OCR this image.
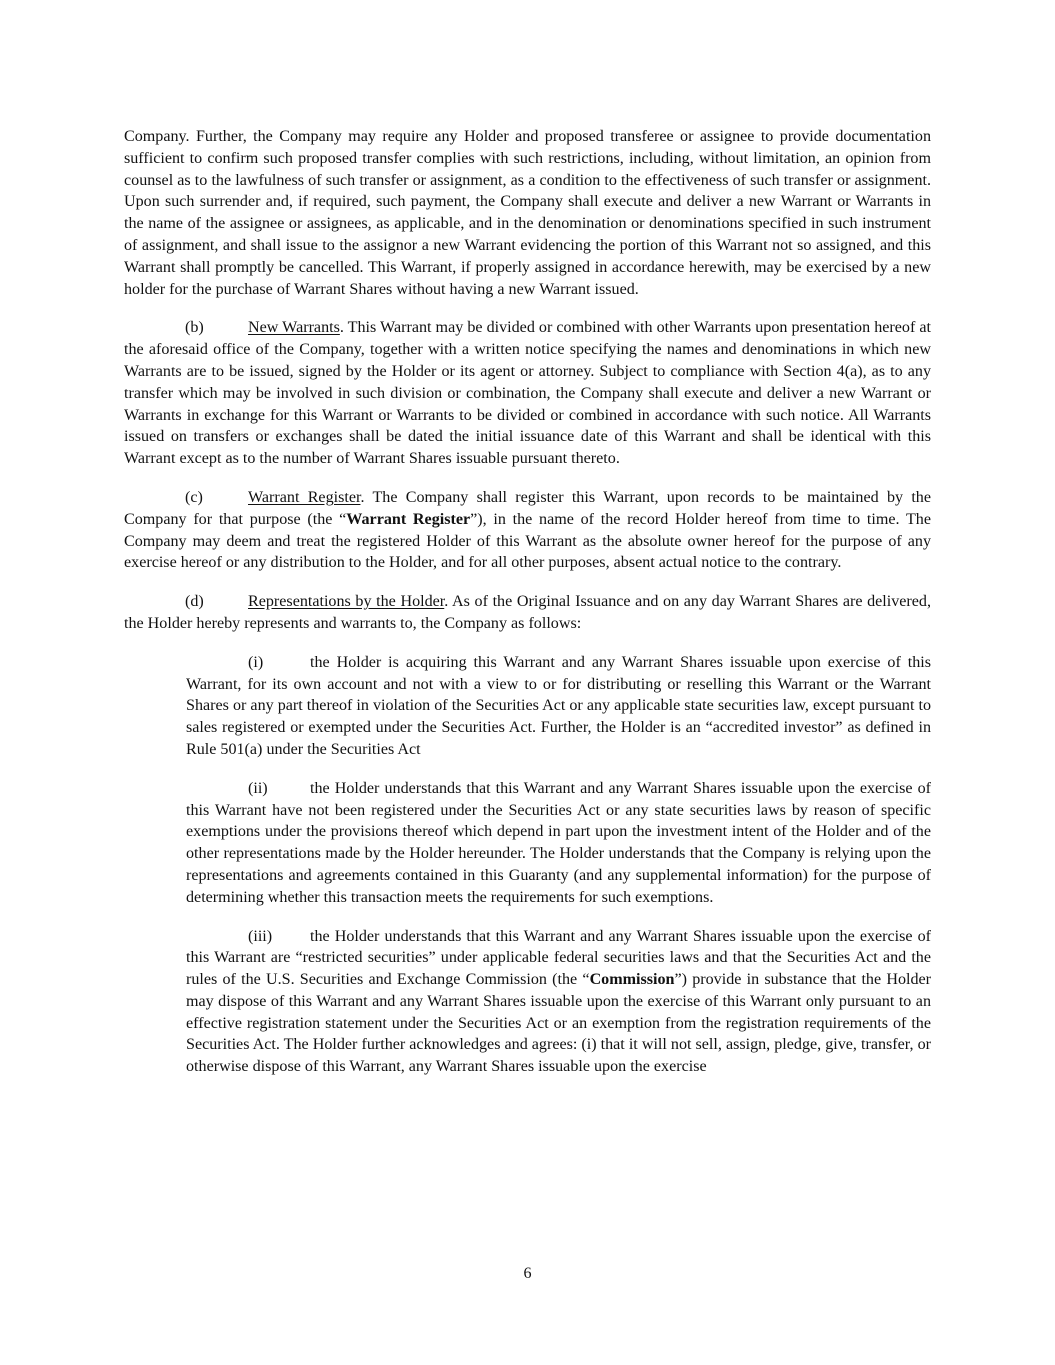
Company. Further, the Company may require any Holder and proposed transferee or assignee to provide documentation sufficient to confirm such proposed transfer complies with such restrictions, including, without limitation, an opinion from counsel as to the lawfulness of such transfer or assignment, as a condition to the effectiveness of such transfer or assignment. Upon such surrender and, if required, such payment, the Company shall execute and deliver a new Warrant or Warrants in the name of the assignee or assignees, as applicable, and in the denomination or denominations specified in such instrument of assignment, and shall issue to the assignor a new Warrant evidencing the portion of this Warrant not so assigned, and this Warrant shall promptly be cancelled. This Warrant, if properly assigned in accordance herewith, may be exercised by a new holder for the purchase of Warrant Shares without having a new Warrant issued.

(b)	New Warrants. This Warrant may be divided or combined with other Warrants upon presentation hereof at the aforesaid office of the Company, together with a written notice specifying the names and denominations in which new Warrants are to be issued, signed by the Holder or its agent or attorney. Subject to compliance with Section 4(a), as to any transfer which may be involved in such division or combination, the Company shall execute and deliver a new Warrant or Warrants in exchange for this Warrant or Warrants to be divided or combined in accordance with such notice. All Warrants issued on transfers or exchanges shall be dated the initial issuance date of this Warrant and shall be identical with this Warrant except as to the number of Warrant Shares issuable pursuant thereto.

(c)	Warrant Register. The Company shall register this Warrant, upon records to be maintained by the Company for that purpose (the “Warrant Register”), in the name of the record Holder hereof from time to time. The Company may deem and treat the registered Holder of this Warrant as the absolute owner hereof for the purpose of any exercise hereof or any distribution to the Holder, and for all other purposes, absent actual notice to the contrary.

(d)	Representations by the Holder. As of the Original Issuance and on any day Warrant Shares are delivered, the Holder hereby represents and warrants to, the Company as follows:

(i)	the Holder is acquiring this Warrant and any Warrant Shares issuable upon exercise of this Warrant, for its own account and not with a view to or for distributing or reselling this Warrant or the Warrant Shares or any part thereof in violation of the Securities Act or any applicable state securities law, except pursuant to sales registered or exempted under the Securities Act. Further, the Holder is an “accredited investor” as defined in Rule 501(a) under the Securities Act

(ii)	the Holder understands that this Warrant and any Warrant Shares issuable upon the exercise of this Warrant have not been registered under the Securities Act or any state securities laws by reason of specific exemptions under the provisions thereof which depend in part upon the investment intent of the Holder and of the other representations made by the Holder hereunder. The Holder understands that the Company is relying upon the representations and agreements contained in this Guaranty (and any supplemental information) for the purpose of determining whether this transaction meets the requirements for such exemptions.

(iii) the Holder understands that this Warrant and any Warrant Shares issuable upon the exercise of this Warrant are “restricted securities” under applicable federal securities laws and that the Securities Act and the rules of the U.S. Securities and Exchange Commission (the “Commission”) provide in substance that the Holder may dispose of this Warrant and any Warrant Shares issuable upon the exercise of this Warrant only pursuant to an effective registration statement under the Securities Act or an exemption from the registration requirements of the Securities Act. The Holder further acknowledges and agrees: (i) that it will not sell, assign, pledge, give, transfer, or otherwise dispose of this Warrant, any Warrant Shares issuable upon the exercise

6
